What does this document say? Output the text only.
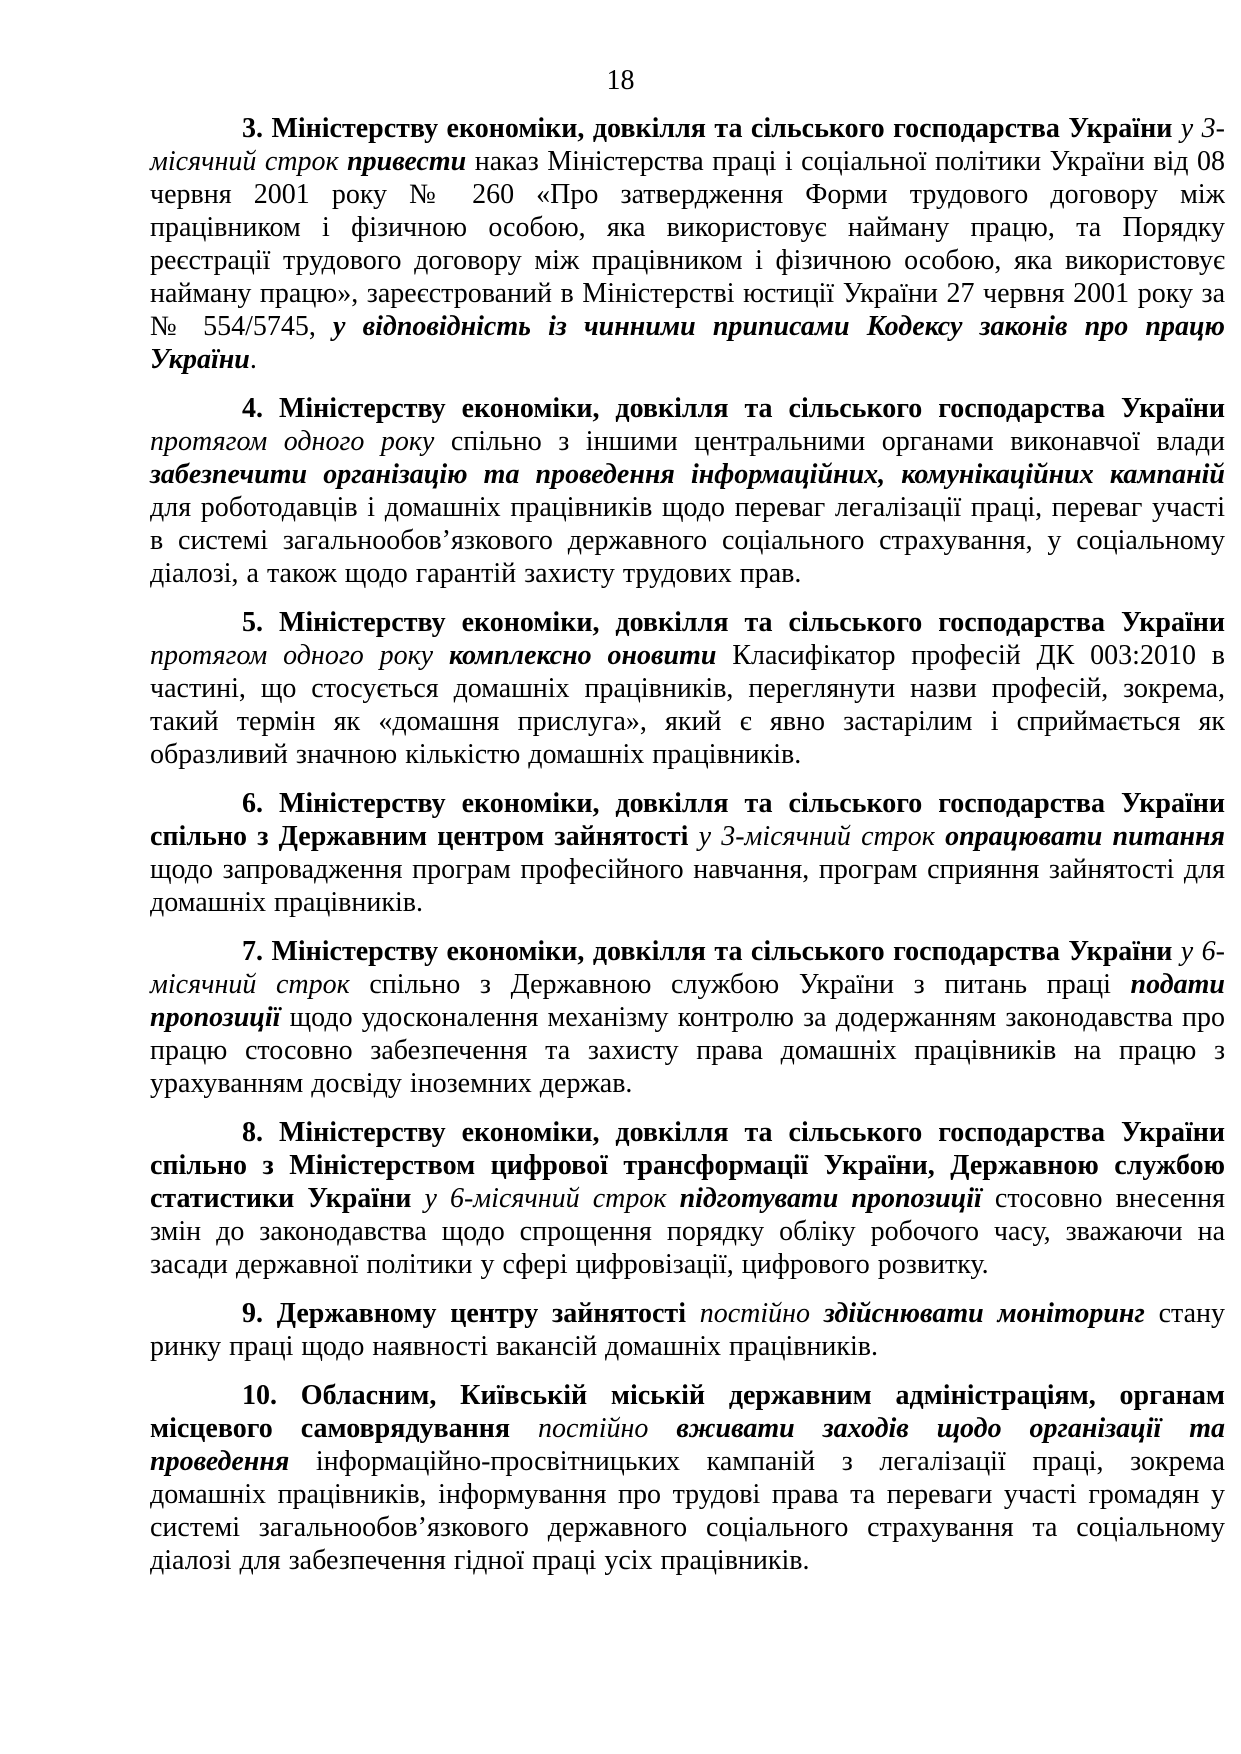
18

3. Міністерству економіки, довкілля та сільського господарства України у 3-місячний строк привести наказ Міністерства праці і соціальної політики України від 08 червня 2001 року № 260 «Про затвердження Форми трудового договору між працівником і фізичною особою, яка використовує найману працю, та Порядку реєстрації трудового договору між працівником і фізичною особою, яка використовує найману працю», зареєстрований в Міністерстві юстиції України 27 червня 2001 року за № 554/5745, у відповідність із чинними приписами Кодексу законів про працю України.

4. Міністерству економіки, довкілля та сільського господарства України протягом одного року спільно з іншими центральними органами виконавчої влади забезпечити організацію та проведення інформаційних, комунікаційних кампаній для роботодавців і домашніх працівників щодо переваг легалізації праці, переваг участі в системі загальнообов’язкового державного соціального страхування, у соціальному діалозі, а також щодо гарантій захисту трудових прав.

5. Міністерству економіки, довкілля та сільського господарства України протягом одного року комплексно оновити Класифікатор професій ДК 003:2010 в частині, що стосується домашніх працівників, переглянути назви професій, зокрема, такий термін як «домашня прислуга», який є явно застарілим і сприймається як образливий значною кількістю домашніх працівників.

6. Міністерству економіки, довкілля та сільського господарства України спільно з Державним центром зайнятості у 3-місячний строк опрацювати питання щодо запровадження програм професійного навчання, програм сприяння зайнятості для домашніх працівників.

7. Міністерству економіки, довкілля та сільського господарства України у 6-місячний строк спільно з Державною службою України з питань праці подати пропозиції щодо удосконалення механізму контролю за додержанням законодавства про працю стосовно забезпечення та захисту права домашніх працівників на працю з урахуванням досвіду іноземних держав.

8. Міністерству економіки, довкілля та сільського господарства України спільно з Міністерством цифрової трансформації України, Державною службою статистики України у 6-місячний строк підготувати пропозиції стосовно внесення змін до законодавства щодо спрощення порядку обліку робочого часу, зважаючи на засади державної політики у сфері цифровізації, цифрового розвитку.

9. Державному центру зайнятості постійно здійснювати моніторинг стану ринку праці щодо наявності вакансій домашніх працівників.

10. Обласним, Київській міській державним адміністраціям, органам місцевого самоврядування постійно вживати заходів щодо організації та проведення інформаційно-просвітницьких кампаній з легалізації праці, зокрема домашніх працівників, інформування про трудові права та переваги участі громадян у системі загальнообов’язкового державного соціального страхування та соціальному діалозі для забезпечення гідної праці усіх працівників.
